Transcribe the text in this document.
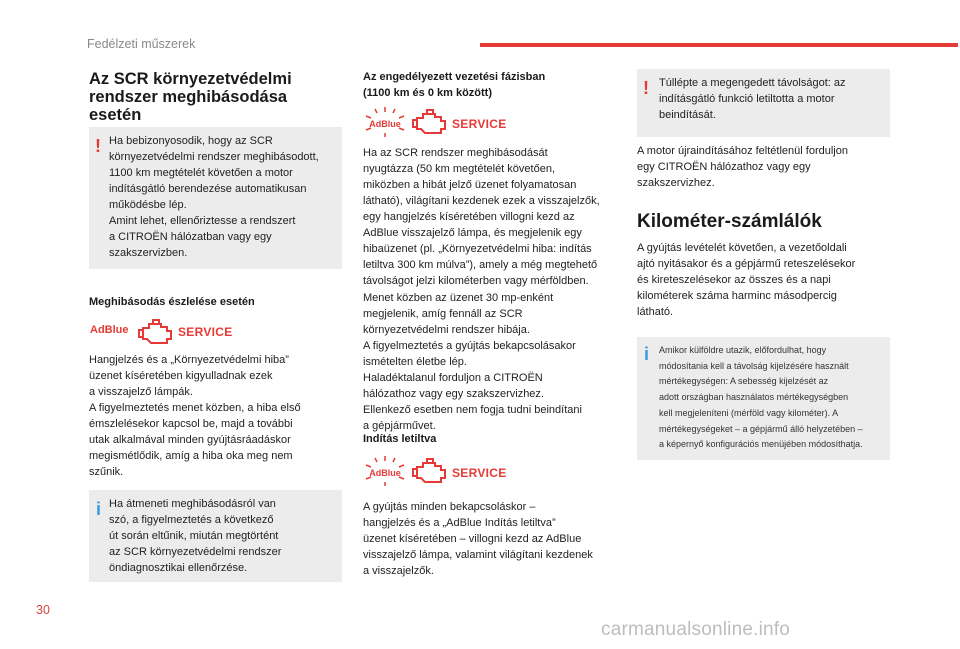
Fedélzeti műszerek
Az SCR környezetvédelmi rendszer meghibásodása esetén
! Ha bebizonyosodik, hogy az SCR
környezetvédelmi rendszer meghibásodott,
1100 km megtételét követően a motor
indításgátló berendezése automatikusan
működésbe lép.
Amint lehet, ellenőriztesse a rendszert
a CITROËN hálózatban vagy egy
szakszervizben.
Meghibásodás észlelése esetén
AdBlue	SERVICE
Hangjelzés és a „Környezetvédelmi hiba”
üzenet kíséretében kigyulladnak ezek
a visszajelző lámpák.
A figyelmeztetés menet közben, a hiba első
émszlelésekor kapcsol be, majd a további
utak alkalmával minden gyújtásráadáskor
megismétlődik, amíg a hiba oka meg nem
szűnik.
i Ha átmeneti meghibásodásról van
szó, a figyelmeztetés a következő
út során eltűnik, miután megtörtént
az SCR környezetvédelmi rendszer
öndiagnosztikai ellenőrzése.
Az engedélyezett vezetési fázisban
(1100 km és 0 km között)
AdBlue	SERVICE
Ha az SCR rendszer meghibásodását
nyugtázza (50 km megtételét követően,
miközben a hibát jelző üzenet folyamatosan
látható), világítani kezdenek ezek a visszajelzők,
egy hangjelzés kíséretében villogni kezd az
AdBlue visszajelző lámpa, és megjelenik egy
hibaüzenet (pl. „Környezetvédelmi hiba: indítás
letiltva 300 km múlva”), amely a még megtehető
távolságot jelzi kilométerben vagy mérföldben.
Menet közben az üzenet 30 mp-enként
megjelenik, amíg fennáll az SCR
környezetvédelmi rendszer hibája.
A figyelmeztetés a gyújtás bekapcsolásakor
ismételten életbe lép.
Haladéktalanul forduljon a CITROËN
hálózathoz vagy egy szakszervizhez.
Ellenkező esetben nem fogja tudni beindítani
a gépjárművet.
Indítás letiltva
AdBlue	SERVICE
A gyújtás minden bekapcsoláskor –
hangjelzés és a „AdBlue Indítás letiltva”
üzenet kíséretében – villogni kezd az AdBlue
visszajelző lámpa, valamint világítani kezdenek
a visszajelzők.
! Túllépte a megengedett távolságot: az
indításgátló funkció letiltotta a motor
beindítását.
A motor újraindításához feltétlenül forduljon
egy CITROËN hálózathoz vagy egy
szakszervizhez.
Kilométer-számlálók
A gyújtás levételét követően, a vezetőoldali
ajtó nyitásakor és a gépjármű reteszelésekor
és kireteszelésekor az összes és a napi
kilométerek száma harminc másodpercig
látható.
i Amikor külföldre utazik, előfordulhat, hogy
módosítania kell a távolság kijelzésére használt
mértékegységen: A sebesség kijelzését az
adott országban használatos mértékegységben
kell megjeleníteni (mérföld vagy kilométer). A
mértékegységeket – a gépjármű álló helyzetében –
a képernyő konfigurációs menüjében módosíthatja.
30
carmanualsonline.info
